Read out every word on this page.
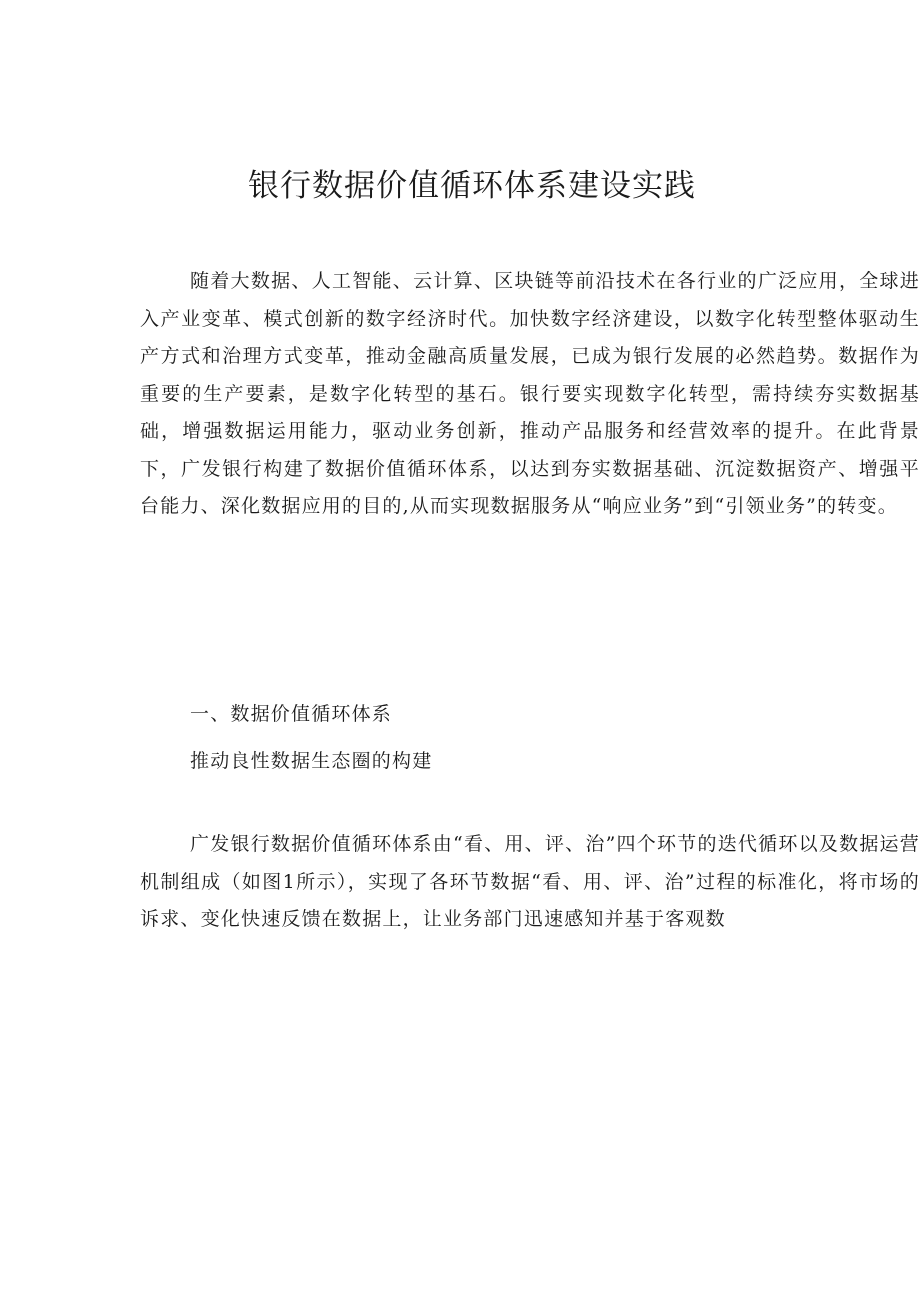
银行数据价值循环体系建设实践

随着大数据、人工智能、云计算、区块链等前沿技术在各行业的广泛应用，全球进入产业变革、模式创新的数字经济时代。加快数字经济建设，以数字化转型整体驱动生产方式和治理方式变革，推动金融高质量发展，已成为银行发展的必然趋势。数据作为重要的生产要素，是数字化转型的基石。银行要实现数字化转型，需持续夯实数据基础，增强数据运用能力，驱动业务创新，推动产品服务和经营效率的提升。在此背景下，广发银行构建了数据价值循环体系，以达到夯实数据基础、沉淀数据资产、增强平台能力、深化数据应用的目的,从而实现数据服务从“响应业务”到“引领业务”的转变。

一、数据价值循环体系
推动良性数据生态圈的构建

广发银行数据价值循环体系由“看、用、评、治”四个环节的迭代循环以及数据运营机制组成（如图1所示），实现了各环节数据“看、用、评、治”过程的标准化，将市场的诉求、变化快速反馈在数据上，让业务部门迅速感知并基于客观数
